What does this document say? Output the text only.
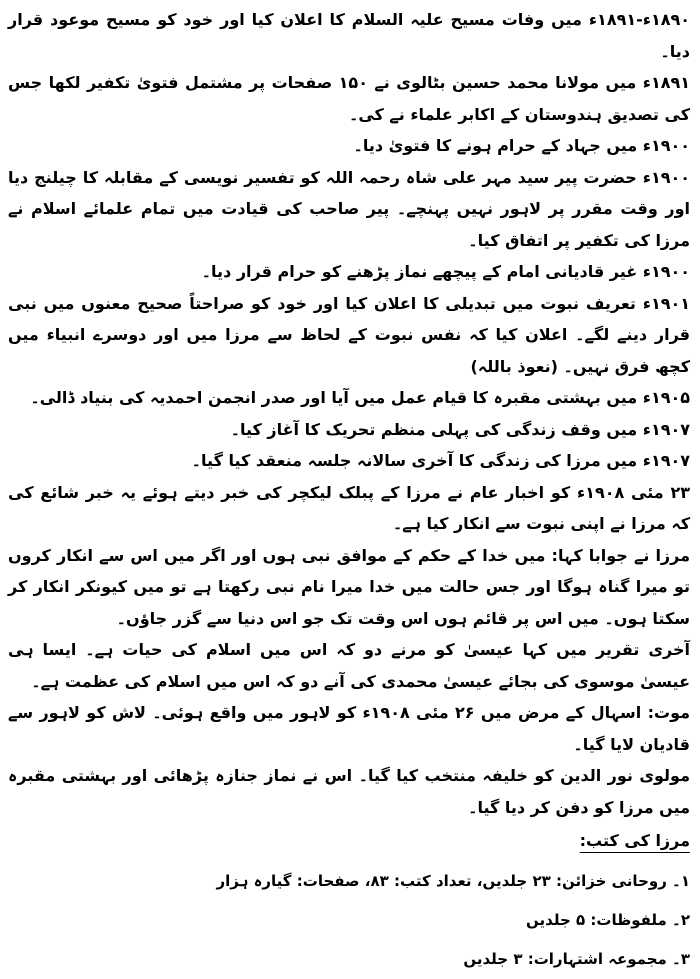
۱۸۹۰ء-۱۸۹۱ء میں وفات مسیح علیہ السلام کا اعلان کیا اور خود کو مسیح موعود قرار دیا۔

۱۸۹۱ء میں مولانا محمد حسین بٹالوی نے ۱۵۰ صفحات پر مشتمل فتویٰ تکفیر لکھا جس کی تصدیق ہندوستان کے اکابر علماء نے کی۔

۱۹۰۰ء میں جہاد کے حرام ہونے کا فتویٰ دیا۔

۱۹۰۰ء حضرت پیر سید مہر علی شاہ رحمہ اللہ کو تفسیر نویسی کے مقابلہ کا چیلنج دیا اور وقت مقرر پر لاہور نہیں پہنچے۔ پیر صاحب کی قیادت میں تمام علمائے اسلام نے مرزا کی تکفیر پر اتفاق کیا۔

۱۹۰۰ء غیر قادیانی امام کے پیچھے نماز پڑھنے کو حرام قرار دیا۔

۱۹۰۱ء تعریف نبوت میں تبدیلی کا اعلان کیا اور خود کو صراحتاً صحیح معنوں میں نبی قرار دینے لگے۔ اعلان کیا کہ نفس نبوت کے لحاظ سے مرزا میں اور دوسرے انبیاء میں کچھ فرق نہیں۔ (نعوذ باللہ)

۱۹۰۵ء میں بہشتی مقبرہ کا قیام عمل میں آیا اور صدر انجمن احمدیہ کی بنیاد ڈالی۔

۱۹۰۷ء میں وقف زندگی کی پہلی منظم تحریک کا آغاز کیا۔

۱۹۰۷ء میں مرزا کی زندگی کا آخری سالانہ جلسہ منعقد کیا گیا۔

۲۳ مئی ۱۹۰۸ء کو اخبار عام نے مرزا کے پبلک لیکچر کی خبر دیتے ہوئے یہ خبر شائع کی کہ مرزا نے اپنی نبوت سے انکار کیا ہے۔

مرزا نے جوابا کہا: میں خدا کے حکم کے موافق نبی ہوں اور اگر میں اس سے انکار کروں تو میرا گناہ ہوگا اور جس حالت میں خدا میرا نام نبی رکھتا ہے تو میں کیونکر انکار کر سکتا ہوں۔ میں اس پر قائم ہوں اس وقت تک جو اس دنیا سے گزر جاؤں۔

آخری تقریر میں کہا عیسیٰ کو مرنے دو کہ اس میں اسلام کی حیات ہے۔ ایسا ہی عیسیٰ موسوی کی بجائے عیسیٰ محمدی کی آنے دو کہ اس میں اسلام کی عظمت ہے۔

موت: اسہال کے مرض میں ۲۶ مئی ۱۹۰۸ء کو لاہور میں واقع ہوئی۔ لاش کو لاہور سے قادیان لایا گیا۔

مولوی نور الدین کو خلیفہ منتخب کیا گیا۔ اس نے نماز جنازہ پڑھائی اور بہشتی مقبرہ میں مرزا کو دفن کر دیا گیا۔

مرزا کی کتب:

۱۔ روحانی خزائن: ۲۳ جلدیں، تعداد کتب: ۸۳، صفحات: گیارہ ہزار

۲۔ ملفوظات: ۵ جلدیں

۳۔ مجموعہ اشتہارات: ۳ جلدیں
